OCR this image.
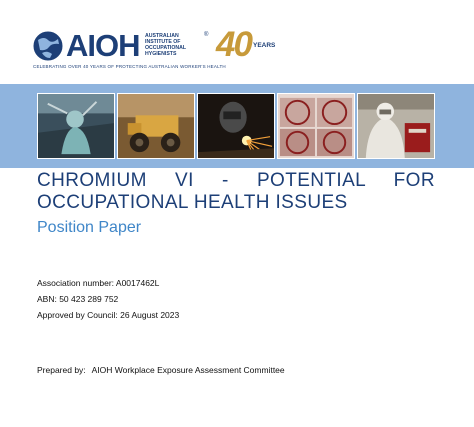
AIOH AUSTRALIAN
INSTITUTE OF
OCCUPATIONAL
HYGIENISTS
® 40 YEARS
CELEBRATING OVER 40 YEARS OF PROTECTING AUSTRALIAN WORKER'S HEALTH
CHROMIUM VI - POTENTIAL FOR OCCUPATIONAL HEALTH ISSUES
Position Paper
Association number: A0017462L
ABN: 50 423 289 752
Approved by Council: 26 August 2023
Prepared by: AIOH Workplace Exposure Assessment Committee
